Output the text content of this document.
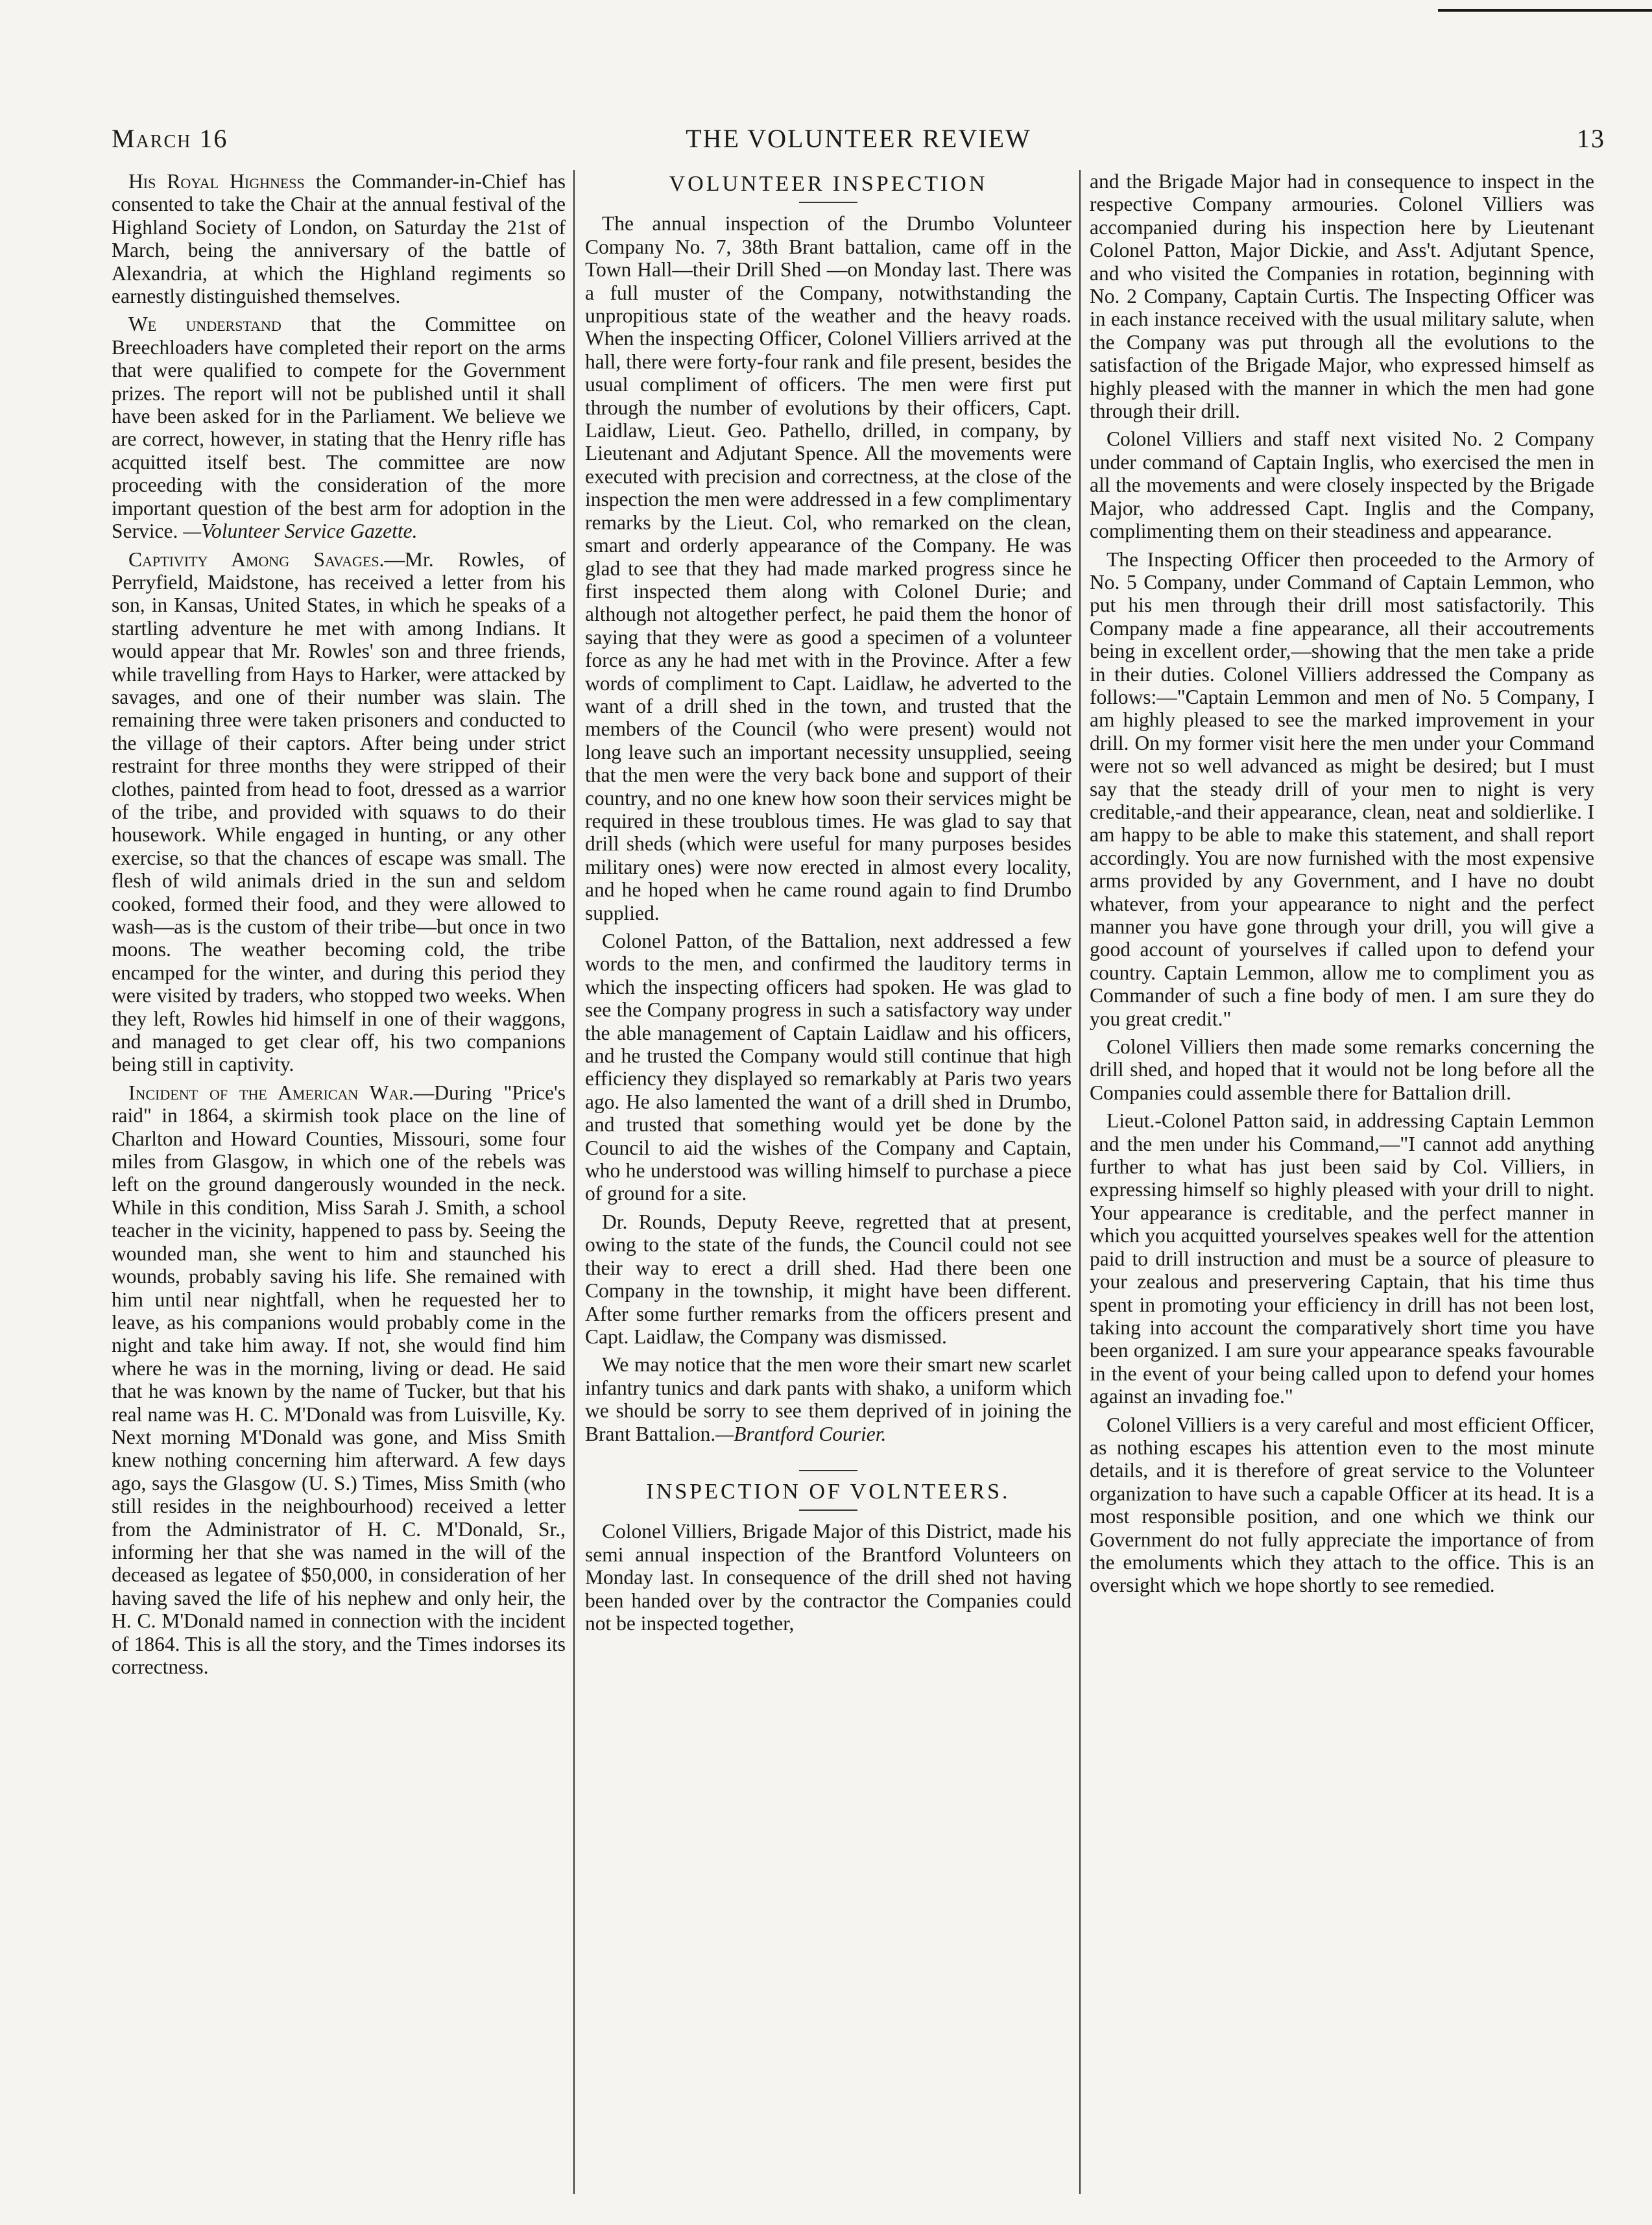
March 16	THE VOLUNTEER REVIEW	13

His Royal Highness the Commander-in-Chief has consented to take the Chair at the annual festival of the Highland Society of London, on Saturday the 21st of March, being the anniversary of the battle of Alexandria, at which the Highland regiments so earnestly distinguished themselves.

We understand that the Committee on Breechloaders have completed their report on the arms that were qualified to compete for the Government prizes. The report will not be published until it shall have been asked for in the Parliament. We believe we are correct, however, in stating that the Henry rifle has acquitted itself best. The committee are now proceeding with the consideration of the more important question of the best arm for adoption in the Service. —Volunteer Service Gazette.

Captivity Among Savages.—Mr. Rowles, of Perryfield, Maidstone, has received a letter from his son, in Kansas, United States, in which he speaks of a startling adventure he met with among Indians. It would appear that Mr. Rowles' son and three friends, while travelling from Hays to Harker, were attacked by savages, and one of their number was slain. The remaining three were taken prisoners and conducted to the village of their captors. After being under strict restraint for three months they were stripped of their clothes, painted from head to foot, dressed as a warrior of the tribe, and provided with squaws to do their housework. While engaged in hunting, or any other exercise, so that the chances of escape was small. The flesh of wild animals dried in the sun and seldom cooked, formed their food, and they were allowed to wash—as is the custom of their tribe—but once in two moons. The weather becoming cold, the tribe encamped for the winter, and during this period they were visited by traders, who stopped two weeks. When they left, Rowles hid himself in one of their waggons, and managed to get clear off, his two companions being still in captivity.

Incident of the American War.—During "Price's raid" in 1864, a skirmish took place on the line of Charlton and Howard Counties, Missouri, some four miles from Glasgow, in which one of the rebels was left on the ground dangerously wounded in the neck. While in this condition, Miss Sarah J. Smith, a school teacher in the vicinity, happened to pass by. Seeing the wounded man, she went to him and staunched his wounds, probably saving his life. She remained with him until near nightfall, when he requested her to leave, as his companions would probably come in the night and take him away. If not, she would find him where he was in the morning, living or dead. He said that he was known by the name of Tucker, but that his real name was H. C. M'Donald was from Luisville, Ky. Next morning M'Donald was gone, and Miss Smith knew nothing concerning him afterward. A few days ago, says the Glasgow (U. S.) Times, Miss Smith (who still resides in the neighbourhood) received a letter from the Administrator of H. C. M'Donald, Sr., informing her that she was named in the will of the deceased as legatee of $50,000, in consideration of her having saved the life of his nephew and only heir, the H. C. M'Donald named in connection with the incident of 1864. This is all the story, and the Times indorses its correctness.

VOLUNTEER INSPECTION

The annual inspection of the Drumbo Volunteer Company No. 7, 38th Brant battalion, came off in the Town Hall—their Drill Shed —on Monday last. There was a full muster of the Company, notwithstanding the unpropitious state of the weather and the heavy roads. When the inspecting Officer, Colonel Villiers arrived at the hall, there were forty-four rank and file present, besides the usual compliment of officers. The men were first put through the number of evolutions by their officers, Capt. Laidlaw, Lieut. Geo. Pathello, drilled, in company, by Lieutenant and Adjutant Spence. All the movements were executed with precision and correctness, at the close of the inspection the men were addressed in a few complimentary remarks by the Lieut. Col, who remarked on the clean, smart and orderly appearance of the Company. He was glad to see that they had made marked progress since he first inspected them along with Colonel Durie; and although not altogether perfect, he paid them the honor of saying that they were as good a specimen of a volunteer force as any he had met with in the Province. After a few words of compliment to Capt. Laidlaw, he adverted to the want of a drill shed in the town, and trusted that the members of the Council (who were present) would not long leave such an important necessity unsupplied, seeing that the men were the very back bone and support of their country, and no one knew how soon their services might be required in these troublous times. He was glad to say that drill sheds (which were useful for many purposes besides military ones) were now erected in almost every locality, and he hoped when he came round again to find Drumbo supplied.

Colonel Patton, of the Battalion, next addressed a few words to the men, and confirmed the lauditory terms in which the inspecting officers had spoken. He was glad to see the Company progress in such a satisfactory way under the able management of Captain Laidlaw and his officers, and he trusted the Company would still continue that high efficiency they displayed so remarkably at Paris two years ago. He also lamented the want of a drill shed in Drumbo, and trusted that something would yet be done by the Council to aid the wishes of the Company and Captain, who he understood was willing himself to purchase a piece of ground for a site.

Dr. Rounds, Deputy Reeve, regretted that at present, owing to the state of the funds, the Council could not see their way to erect a drill shed. Had there been one Company in the township, it might have been different. After some further remarks from the officers present and Capt. Laidlaw, the Company was dismissed.

We may notice that the men wore their smart new scarlet infantry tunics and dark pants with shako, a uniform which we should be sorry to see them deprived of in joining the Brant Battalion.—Brantford Courier.

INSPECTION OF VOLNTEERS.

Colonel Villiers, Brigade Major of this District, made his semi annual inspection of the Brantford Volunteers on Monday last. In consequence of the drill shed not having been handed over by the contractor the Companies could not be inspected together,

and the Brigade Major had in consequence to inspect in the respective Company armouries. Colonel Villiers was accompanied during his inspection here by Lieutenant Colonel Patton, Major Dickie, and Ass't. Adjutant Spence, and who visited the Companies in rotation, beginning with No. 2 Company, Captain Curtis. The Inspecting Officer was in each instance received with the usual military salute, when the Company was put through all the evolutions to the satisfaction of the Brigade Major, who expressed himself as highly pleased with the manner in which the men had gone through their drill.

Colonel Villiers and staff next visited No. 2 Company under command of Captain Inglis, who exercised the men in all the movements and were closely inspected by the Brigade Major, who addressed Capt. Inglis and the Company, complimenting them on their steadiness and appearance.

The Inspecting Officer then proceeded to the Armory of No. 5 Company, under Command of Captain Lemmon, who put his men through their drill most satisfactorily. This Company made a fine appearance, all their accoutrements being in excellent order,—showing that the men take a pride in their duties. Colonel Villiers addressed the Company as follows:—"Captain Lemmon and men of No. 5 Company, I am highly pleased to see the marked improvement in your drill. On my former visit here the men under your Command were not so well advanced as might be desired; but I must say that the steady drill of your men to night is very creditable,-and their appearance, clean, neat and soldierlike. I am happy to be able to make this statement, and shall report accordingly. You are now furnished with the most expensive arms provided by any Government, and I have no doubt whatever, from your appearance to night and the perfect manner you have gone through your drill, you will give a good account of yourselves if called upon to defend your country. Captain Lemmon, allow me to compliment you as Commander of such a fine body of men. I am sure they do you great credit."

Colonel Villiers then made some remarks concerning the drill shed, and hoped that it would not be long before all the Companies could assemble there for Battalion drill.

Lieut.-Colonel Patton said, in addressing Captain Lemmon and the men under his Command,—"I cannot add anything further to what has just been said by Col. Villiers, in expressing himself so highly pleased with your drill to night. Your appearance is creditable, and the perfect manner in which you acquitted yourselves speakes well for the attention paid to drill instruction and must be a source of pleasure to your zealous and preservering Captain, that his time thus spent in promoting your efficiency in drill has not been lost, taking into account the comparatively short time you have been organized. I am sure your appearance speaks favourable in the event of your being called upon to defend your homes against an invading foe."

Colonel Villiers is a very careful and most efficient Officer, as nothing escapes his attention even to the most minute details, and it is therefore of great service to the Volunteer organization to have such a capable Officer at its head. It is a most responsible position, and one which we think our Government do not fully appreciate the importance of from the emoluments which they attach to the office. This is an oversight which we hope shortly to see remedied.
